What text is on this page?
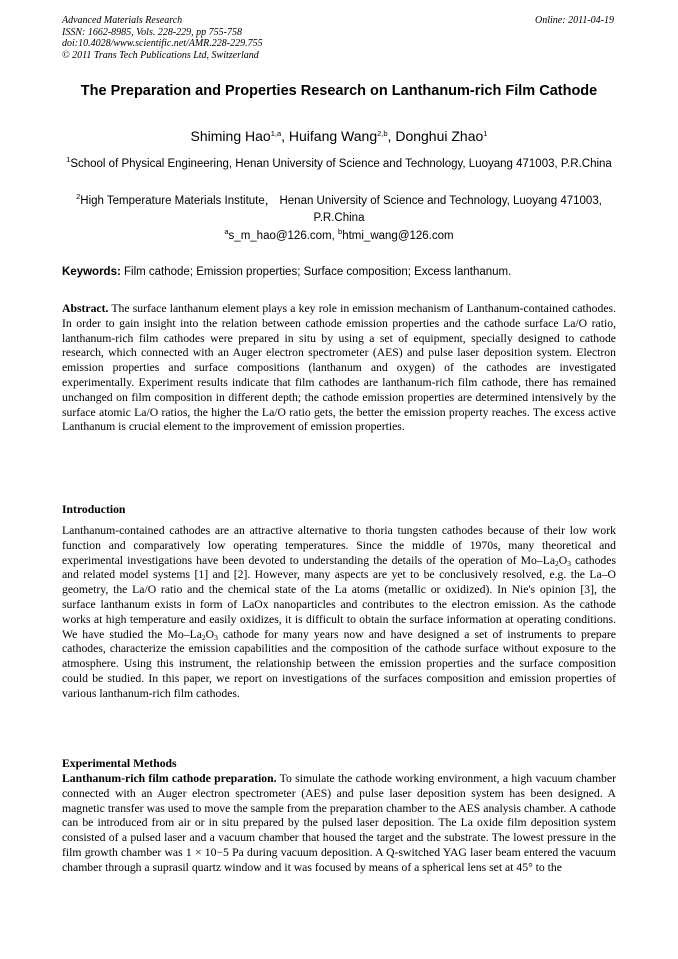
Advanced Materials Research
ISSN: 1662-8985, Vols. 228-229, pp 755-758
doi:10.4028/www.scientific.net/AMR.228-229.755
© 2011 Trans Tech Publications Ltd, Switzerland
Online: 2011-04-19
The Preparation and Properties Research on Lanthanum-rich Film Cathode
Shiming Hao$^{1,a}$, Huifang Wang$^{2,b}$, Donghui Zhao$^1$
$^1$School of Physical Engineering, Henan University of Science and Technology, Luoyang 471003, P.R.China
$^2$High Temperature Materials Institute， Henan University of Science and Technology, Luoyang 471003, P.R.China
$^a$s_m_hao@126.com, $^b$htmi_wang@126.com
Keywords: Film cathode; Emission properties; Surface composition; Excess lanthanum.
Abstract. The surface lanthanum element plays a key role in emission mechanism of Lanthanum-contained cathodes. In order to gain insight into the relation between cathode emission properties and the cathode surface La/O ratio, lanthanum-rich film cathodes were prepared in situ by using a set of equipment, specially designed to cathode research, which connected with an Auger electron spectrometer (AES) and pulse laser deposition system. Electron emission properties and surface compositions (lanthanum and oxygen) of the cathodes are investigated experimentally. Experiment results indicate that film cathodes are lanthanum-rich film cathode, there has remained unchanged on film composition in different depth; the cathode emission properties are determined intensively by the surface atomic La/O ratios, the higher the La/O ratio gets, the better the emission property reaches. The excess active Lanthanum is crucial element to the improvement of emission properties.
Introduction
Lanthanum-contained cathodes are an attractive alternative to thoria tungsten cathodes because of their low work function and comparatively low operating temperatures. Since the middle of 1970s, many theoretical and experimental investigations have been devoted to understanding the details of the operation of $Mo-La_2O_3$ cathodes and related model systems [1] and [2]. However, many aspects are yet to be conclusively resolved, e.g. the La–O geometry, the La/O ratio and the chemical state of the La atoms (metallic or oxidized). In Nie's opinion [3], the surface lanthanum exists in form of LaOx nanoparticles and contributes to the electron emission. As the cathode works at high temperature and easily oxidizes, it is difficult to obtain the surface information at operating conditions. We have studied the $Mo-La_2O_3$ cathode for many years now and have designed a set of instruments to prepare cathodes, characterize the emission capabilities and the composition of the cathode surface without exposure to the atmosphere. Using this instrument, the relationship between the emission properties and the surface composition could be studied. In this paper, we report on investigations of the surfaces composition and emission properties of various lanthanum-rich film cathodes.
Experimental Methods
Lanthanum-rich film cathode preparation. To simulate the cathode working environment, a high vacuum chamber connected with an Auger electron spectrometer (AES) and pulse laser deposition system has been designed. A magnetic transfer was used to move the sample from the preparation chamber to the AES analysis chamber. A cathode can be introduced from air or in situ prepared by the pulsed laser deposition. The La oxide film deposition system consisted of a pulsed laser and a vacuum chamber that housed the target and the substrate. The lowest pressure in the film growth chamber was 1 × 10−5 Pa during vacuum deposition. A Q-switched YAG laser beam entered the vacuum chamber through a suprasil quartz window and it was focused by means of a spherical lens set at 45° to the
